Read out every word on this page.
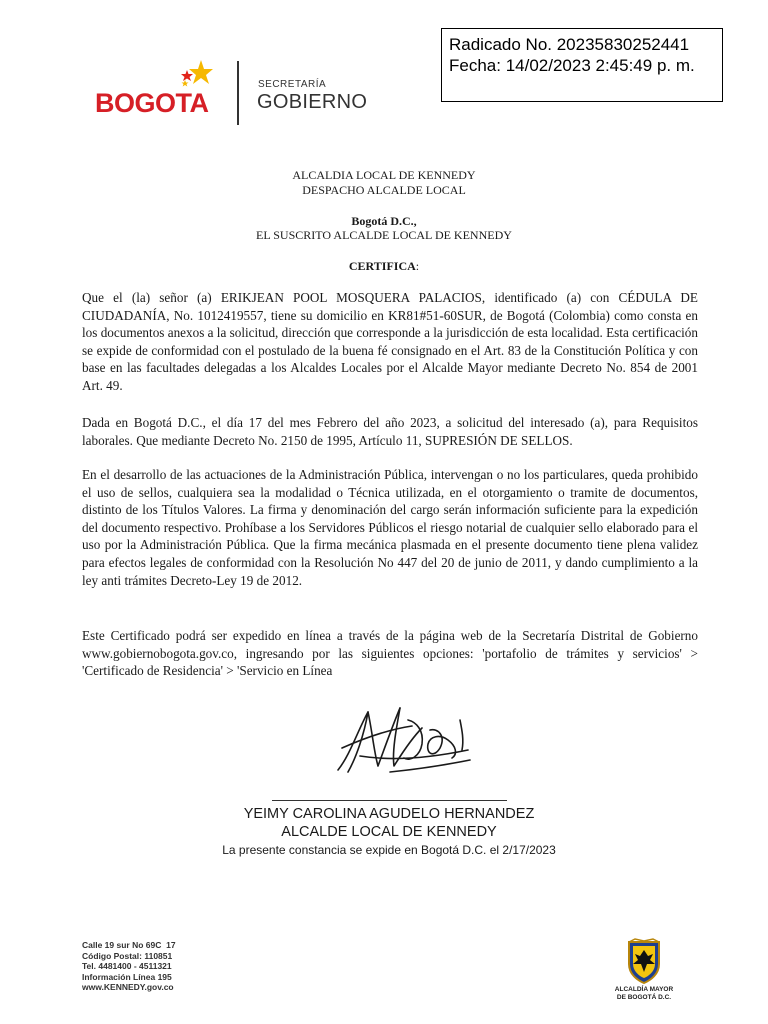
Radicado No. 20235830252441
Fecha: 14/02/2023 2:45:49 p. m.
BOGOTA
SECRETARÍA
GOBIERNO
ALCALDIA LOCAL DE KENNEDY
DESPACHO ALCALDE LOCAL
Bogotá D.C.,
EL SUSCRITO ALCALDE LOCAL DE KENNEDY
CERTIFICA:
Que el (la) señor (a) ERIKJEAN POOL MOSQUERA PALACIOS, identificado (a) con CÉDULA DE CIUDADANÍA, No. 1012419557, tiene su domicilio en KR81#51-60SUR, de Bogotá (Colombia) como consta en los documentos anexos a la solicitud, dirección que corresponde a la jurisdicción de esta localidad. Esta certificación se expide de conformidad con el postulado de la buena fé consignado en el Art. 83 de la Constitución Política y con base en las facultades delegadas a los Alcaldes Locales por el Alcalde Mayor mediante Decreto No. 854 de 2001 Art. 49.
Dada en Bogotá D.C., el día 17 del mes Febrero del año 2023, a solicitud del interesado (a), para Requisitos laborales. Que mediante Decreto No. 2150 de 1995, Artículo 11, SUPRESIÓN DE SELLOS.
En el desarrollo de las actuaciones de la Administración Pública, intervengan o no los particulares, queda prohibido el uso de sellos, cualquiera sea la modalidad o Técnica utilizada, en el otorgamiento o tramite de documentos, distinto de los Títulos Valores. La firma y denominación del cargo serán información suficiente para la expedición del documento respectivo. Prohíbase a los Servidores Públicos el riesgo notarial de cualquier sello elaborado para el uso por la Administración Pública. Que la firma mecánica plasmada en el presente documento tiene plena validez para efectos legales de conformidad con la Resolución No 447 del 20 de junio de 2011, y dando cumplimiento a la ley anti trámites Decreto-Ley 19 de 2012.
Este Certificado podrá ser expedido en línea a través de la página web de la Secretaría Distrital de Gobierno www.gobiernobogota.gov.co, ingresando por las siguientes opciones: 'portafolio de trámites y servicios' > 'Certificado de Residencia' > 'Servicio en Línea
YEIMY CAROLINA AGUDELO HERNANDEZ
ALCALDE LOCAL DE KENNEDY
La presente constancia se expide en Bogotá D.C. el 2/17/2023
Calle 19 sur No 69C  17
Código Postal: 110851
Tel. 4481400 - 4511321
Información Línea 195
www.KENNEDY.gov.co	ALCALDÍA MAYOR
DE BOGOTÁ D.C.
